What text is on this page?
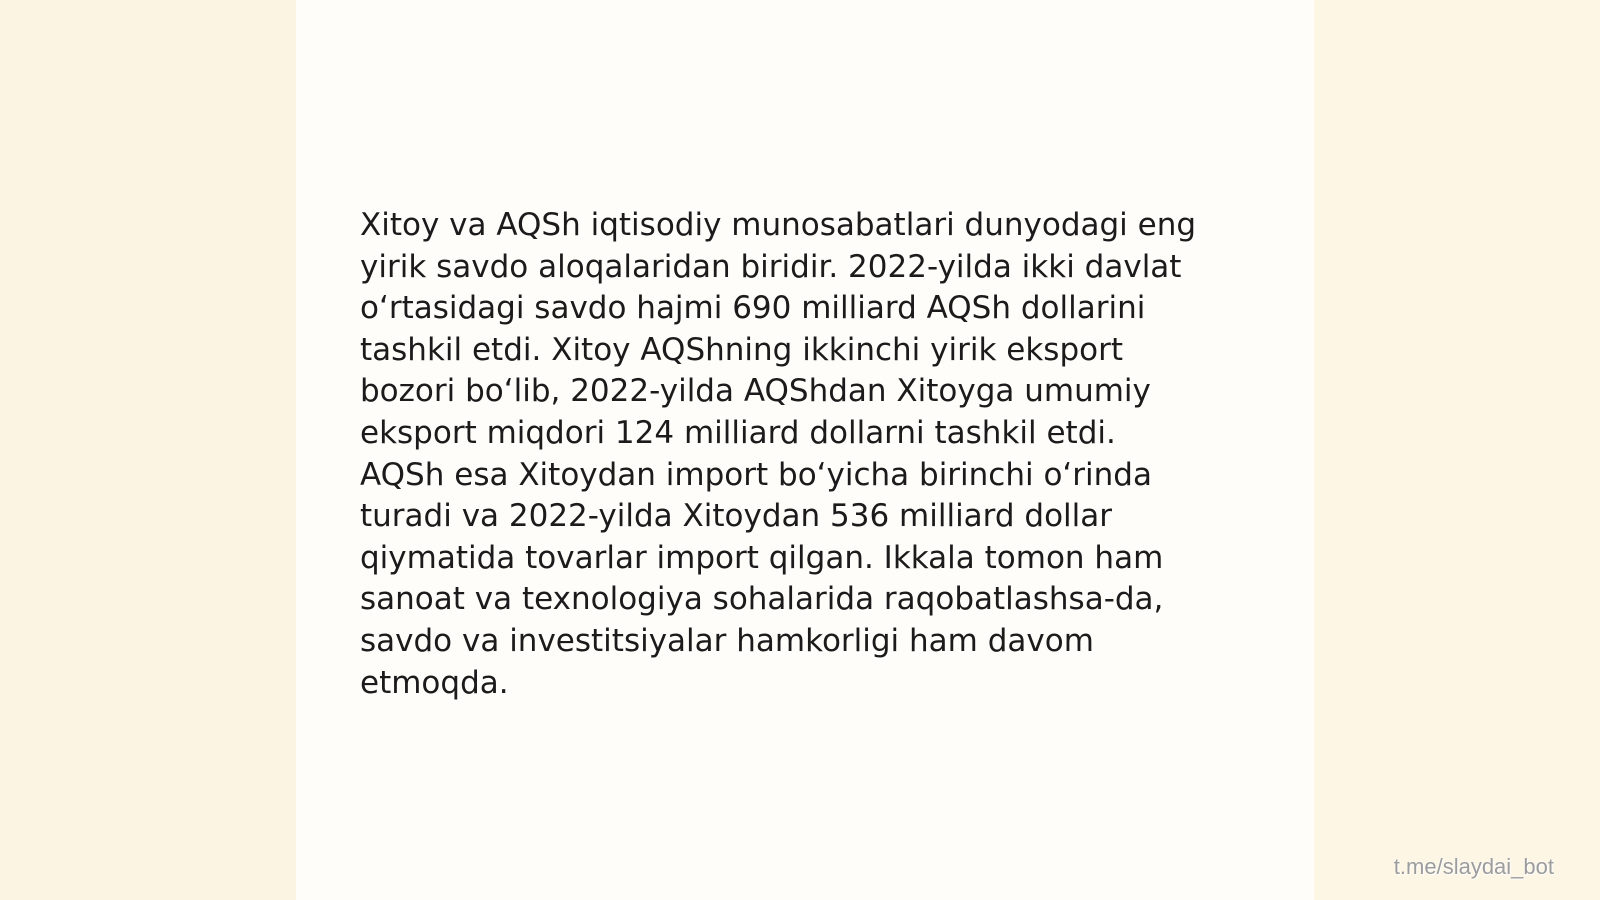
Xitoy va AQSh iqtisodiy munosabatlari dunyodagi eng
yirik savdo aloqalaridan biridir. 2022-yilda ikki davlat
o‘rtasidagi savdo hajmi 690 milliard AQSh dollarini
tashkil etdi. Xitoy AQShning ikkinchi yirik eksport
bozori bo‘lib, 2022-yilda AQShdan Xitoyga umumiy
eksport miqdori 124 milliard dollarni tashkil etdi.
AQSh esa Xitoydan import bo‘yicha birinchi o‘rinda
turadi va 2022-yilda Xitoydan 536 milliard dollar
qiymatida tovarlar import qilgan. Ikkala tomon ham
sanoat va texnologiya sohalarida raqobatlashsa-da,
savdo va investitsiyalar hamkorligi ham davom
etmoqda.

t.me/slaydai_bot
